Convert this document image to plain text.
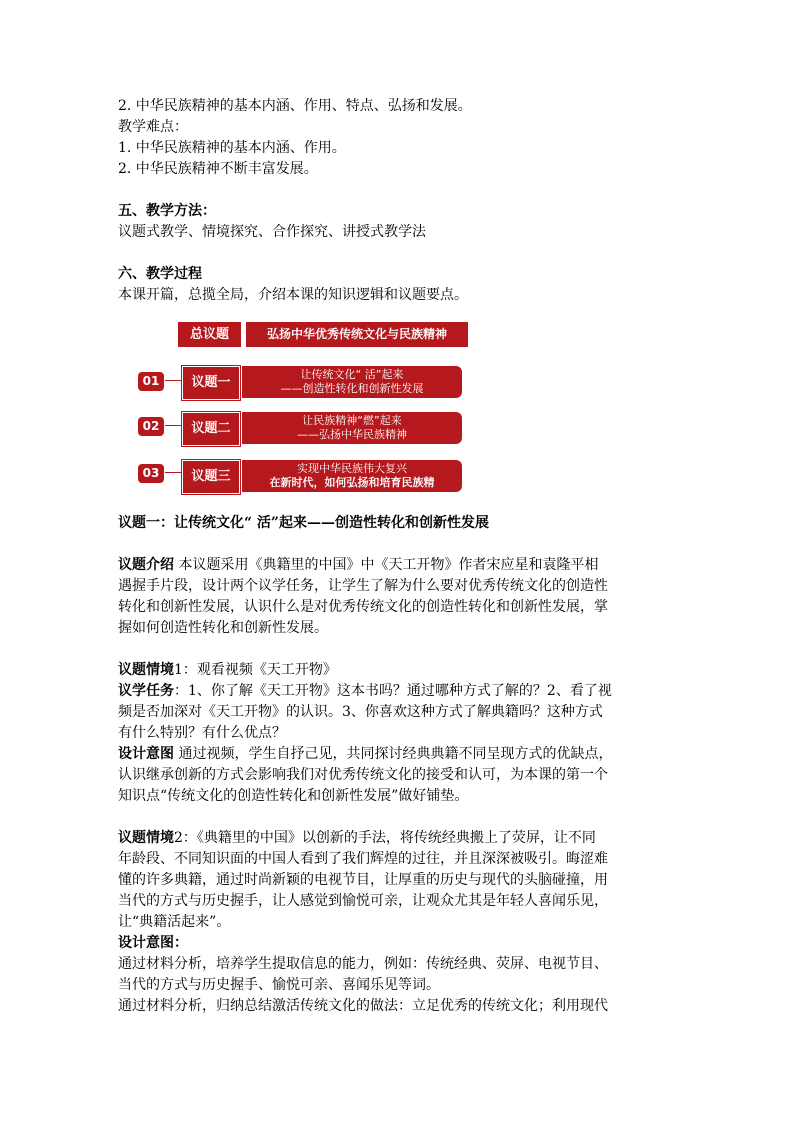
2. 中华民族精神的基本内涵、作用、特点、弘扬和发展。
教学难点：
1. 中华民族精神的基本内涵、作用。
2. 中华民族精神不断丰富发展。
五、教学方法：
议题式教学、情境探究、合作探究、讲授式教学法
六、教学过程
本课开篇，总揽全局，介绍本课的知识逻辑和议题要点。
总议题	弘扬中华优秀传统文化与民族精神
01	议题一
让传统文化“ 活”起来
——创造性转化和创新性发展
02	议题二
让民族精神“燃”起来
——弘扬中华民族精神
03	议题三
实现中华民族伟大复兴
在新时代，如何弘扬和培育民族精
议题一：让传统文化“ 活”起来——创造性转化和创新性发展
议题介绍 本议题采用《典籍里的中国》中《天工开物》作者宋应星和袁隆平相
遇握手片段，设计两个议学任务，让学生了解为什么要对优秀传统文化的创造性
转化和创新性发展，认识什么是对优秀传统文化的创造性转化和创新性发展，掌
握如何创造性转化和创新性发展。
议题情境1：观看视频《天工开物》
议学任务：1、你了解《天工开物》这本书吗？通过哪种方式了解的？2、看了视
频是否加深对《天工开物》的认识。3、你喜欢这种方式了解典籍吗？这种方式
有什么特别？有什么优点？
设计意图 通过视频，学生自抒己见，共同探讨经典典籍不同呈现方式的优缺点，
认识继承创新的方式会影响我们对优秀传统文化的接受和认可，为本课的第一个
知识点“传统文化的创造性转化和创新性发展”做好铺垫。
议题情境2：《典籍里的中国》以创新的手法，将传统经典搬上了荧屏，让不同
年龄段、不同知识面的中国人看到了我们辉煌的过往，并且深深被吸引。晦涩难
懂的许多典籍，通过时尚新颖的电视节目，让厚重的历史与现代的头脑碰撞，用
当代的方式与历史握手，让人感觉到愉悦可亲，让观众尤其是年轻人喜闻乐见，
让“典籍活起来”。
设计意图：
通过材料分析，培养学生提取信息的能力，例如：传统经典、荧屏、电视节目、
当代的方式与历史握手、愉悦可亲、喜闻乐见等词。
通过材料分析，归纳总结激活传统文化的做法：立足优秀的传统文化；利用现代
